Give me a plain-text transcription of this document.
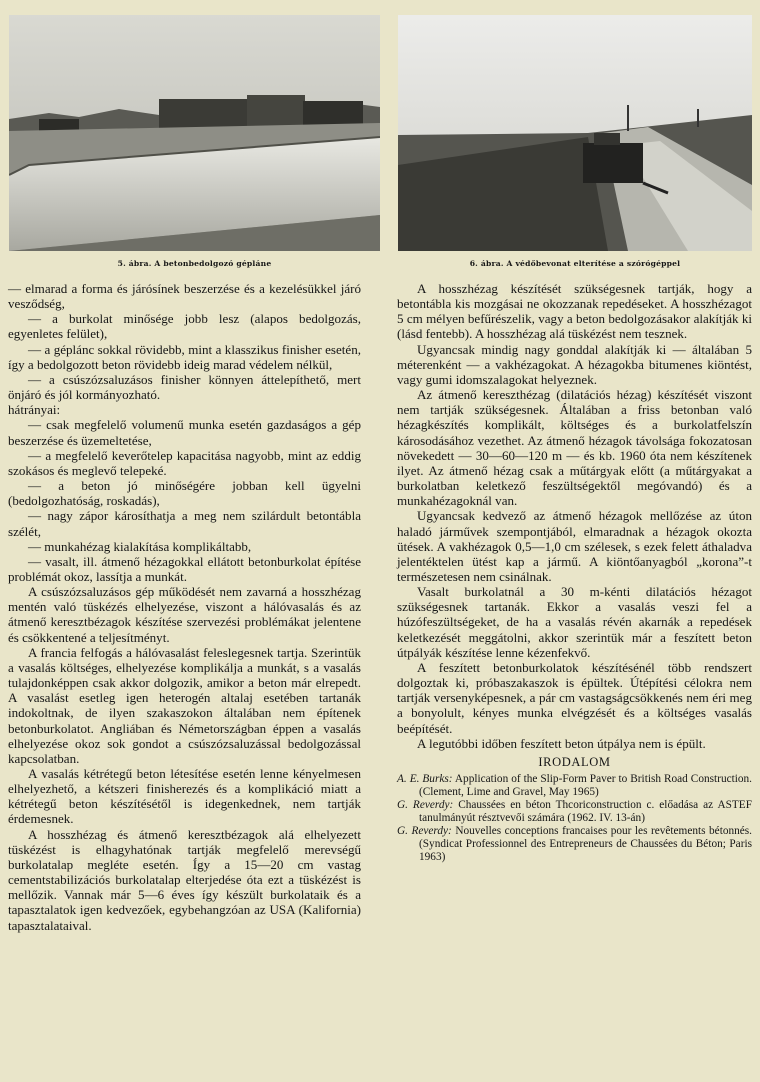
5. ábra. A betonbedolgozó gépláne	6. ábra. A védőbevonat elterítése a szórógéppel

— elmarad a forma és járósínek beszerzése és a kezelésükkel járó vesződség,

— a burkolat minősége jobb lesz (alapos bedolgozás, egyenletes felület),

— a géplánc sokkal rövidebb, mint a klasszikus finisher esetén, így a bedolgozott beton rövidebb ideig marad védelem nélkül,

— a csúszózsaluzásos finisher könnyen áttelepíthető, mert önjáró és jól kormányozható.

hátrányai:

— csak megfelelő volumenű munka esetén gazdaságos a gép beszerzése és üzemeltetése,

— a megfelelő keverőtelep kapacitása nagyobb, mint az eddig szokásos és meglevő telepeké.

— a beton jó minőségére jobban kell ügyelni (bedolgozhatóság, roskadás),

— nagy zápor károsíthatja a meg nem szilárdult betontábla szélét,

— munkahézag kialakítása komplikáltabb,

— vasalt, ill. átmenő hézagokkal ellátott betonburkolat építése problémát okoz, lassítja a munkát.

A csúszózsaluzásos gép működését nem zavarná a hosszhézag mentén való tüskézés elhelyezése, viszont a hálóvasalás és az átmenő keresztbézagok készítése szervezési problémákat jelentene és csökkentené a teljesítményt.

A francia felfogás a hálóvasalást feleslegesnek tartja. Szerintük a vasalás költséges, elhelyezése komplikálja a munkát, s a vasalás tulajdonképpen csak akkor dolgozik, amikor a beton már elrepedt. A vasalást esetleg igen heterogén altalaj esetében tartanák indokoltnak, de ilyen szakaszokon általában nem építenek betonburkolatot. Angliában és Németországban éppen a vasalás elhelyezése okoz sok gondot a csúszózsaluzással bedolgozással kapcsolatban.

A vasalás kétrétegű beton létesítése esetén lenne kényelmesen elhelyezhető, a kétszeri finisherezés és a komplikáció miatt a kétrétegű beton készítésétől is idegenkednek, nem tartják érdemesnek.

A hosszhézag és átmenő keresztbézagok alá elhelyezett tüskézést is elhagyhatónak tartják megfelelő merevségű burkolatalap megléte esetén. Így a 15—20 cm vastag cementstabilizációs burkolatalap elterjedése óta ezt a tüskézést is mellőzik. Vannak már 5—6 éves így készült burkolataik és a tapasztalatok igen kedvezőek, egybehangzóan az USA (Kalifornia) tapasztalataival.

A hosszhézag készítését szükségesnek tartják, hogy a betontábla kis mozgásai ne okozzanak repedéseket. A hosszhézagot 5 cm mélyen befűrészelik, vagy a beton bedolgozásakor alakítják ki (lásd fentebb). A hosszhézag alá tüskézést nem tesznek.

Ugyancsak mindig nagy gonddal alakítják ki — általában 5 méterenként — a vakhézagokat. A hézagokba bitumenes kiöntést, vagy gumi idomszalagokat helyeznek.

Az átmenő kereszthézag (dilatációs hézag) készítését viszont nem tartják szükségesnek. Általában a friss betonban való hézagkészítés komplikált, költséges és a burkolatfelszín károsodásához vezethet. Az átmenő hézagok távolsága fokozatosan növekedett — 30—60—120 m — és kb. 1960 óta nem készítenek ilyet. Az átmenő hézag csak a műtárgyak előtt (a műtárgyakat a burkolatban keletkező feszültségektől megóvandó) és a munkahézagoknál van.

Ugyancsak kedvező az átmenő hézagok mellőzése az úton haladó járművek szempontjából, elmaradnak a hézagok okozta ütések. A vakhézagok 0,5—1,0 cm szélesek, s ezek felett áthaladva jelentéktelen ütést kap a jármű. A kiöntőanyagból „korona”-t természetesen nem csinálnak.

Vasalt burkolatnál a 30 m-kénti dilatációs hézagot szükségesnek tartanák. Ekkor a vasalás veszi fel a húzófeszültségeket, de ha a vasalás révén akarnák a repedések keletkezését meggátolni, akkor szerintük már a feszített beton útpályák készítése lenne kézenfekvő.

A feszített betonburkolatok készítésénél több rendszert dolgoztak ki, próbaszakaszok is épültek. Útépítési célokra nem tartják versenyképesnek, a pár cm vastagságcsökkenés nem éri meg a bonyolult, kényes munka elvégzését és a költséges vasalás beépítését.

A legutóbbi időben feszített beton útpálya nem is épült.

IRODALOM
A. E. Burks: Application of the Slip-Form Paver to British Road Construction. (Clement, Lime and Gravel, May 1965)
G. Reverdy: Chaussées en béton Thcoriconstruction c. előadása az ASTEF tanulmányút résztvevői számára (1962. IV. 13-án)
G. Reverdy: Nouvelles conceptions francaises pour les revêtements bétonnés. (Syndicat Professionnel des Entrepreneurs de Chaussées du Béton; Paris 1963)
